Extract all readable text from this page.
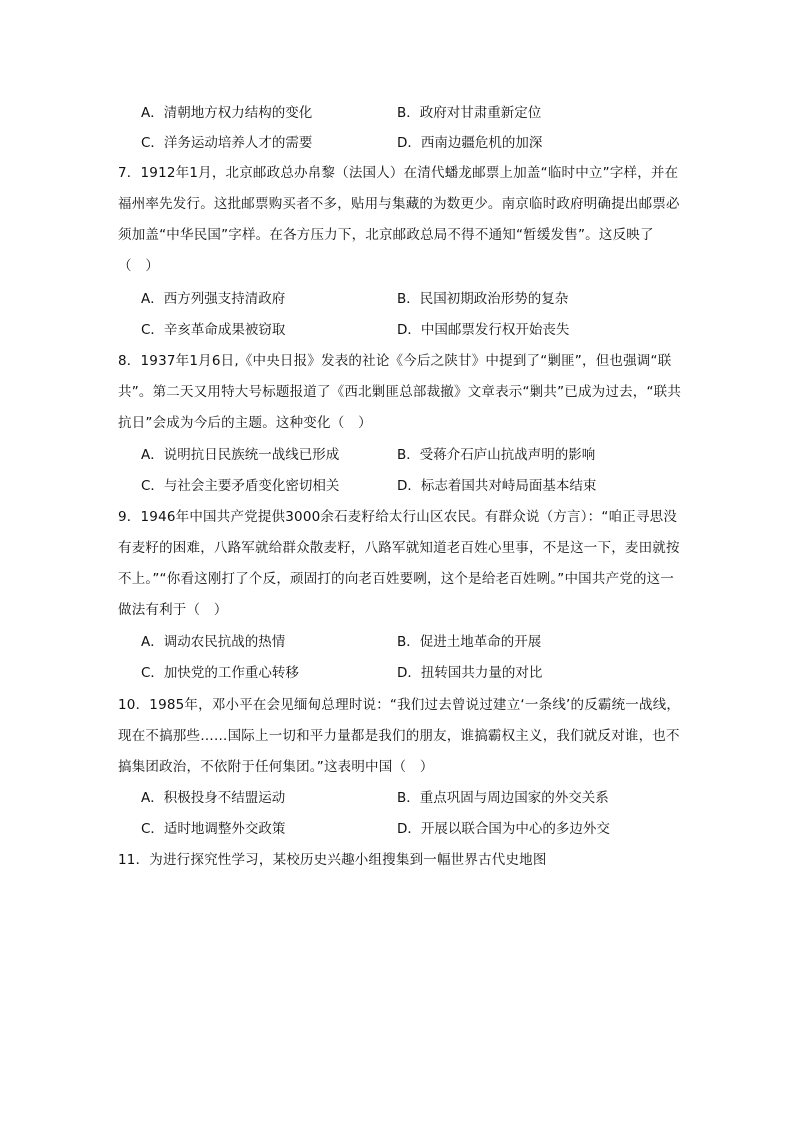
A．清朝地方权力结构的变化	B．政府对甘肃重新定位
C．洋务运动培养人才的需要	D．西南边疆危机的加深
7．1912年1月，北京邮政总办帛黎（法国人）在清代蟠龙邮票上加盖“临时中立”字样，并在福州率先发行。这批邮票购买者不多，贴用与集藏的为数更少。南京临时政府明确提出邮票必须加盖“中华民国”字样。在各方压力下，北京邮政总局不得不通知“暂缓发售”。这反映了（　）
A．西方列强支持清政府	B．民国初期政治形势的复杂
C．辛亥革命成果被窃取	D．中国邮票发行权开始丧失
8．1937年1月6日,《中央日报》发表的社论《今后之陕甘》中提到了“剿匪”，但也强调“联共”。第二天又用特大号标题报道了《西北剿匪总部裁撤》文章表示“剿共”已成为过去，“联共抗日”会成为今后的主题。这种变化（　）
A．说明抗日民族统一战线已形成	B．受蒋介石庐山抗战声明的影响
C．与社会主要矛盾变化密切相关	D．标志着国共对峙局面基本结束
9．1946年中国共产党提供3000余石麦籽给太行山区农民。有群众说（方言）：“咱正寻思没有麦籽的困难，八路军就给群众散麦籽，八路军就知道老百姓心里事，不是这一下，麦田就按不上。”“你看这刚打了个反，顽固打的向老百姓要咧，这个是给老百姓咧。”中国共产党的这一做法有利于（　）
A．调动农民抗战的热情	B．促进土地革命的开展
C．加快党的工作重心转移	D．扭转国共力量的对比
10．1985年，邓小平在会见缅甸总理时说：“我们过去曾说过建立‘一条线’的反霸统一战线，现在不搞那些……国际上一切和平力量都是我们的朋友，谁搞霸权主义，我们就反对谁，也不搞集团政治，不依附于任何集团。”这表明中国（　）
A．积极投身不结盟运动	B．重点巩固与周边国家的外交关系
C．适时地调整外交政策	D．开展以联合国为中心的多边外交
11．为进行探究性学习，某校历史兴趣小组搜集到一幅世界古代史地图
